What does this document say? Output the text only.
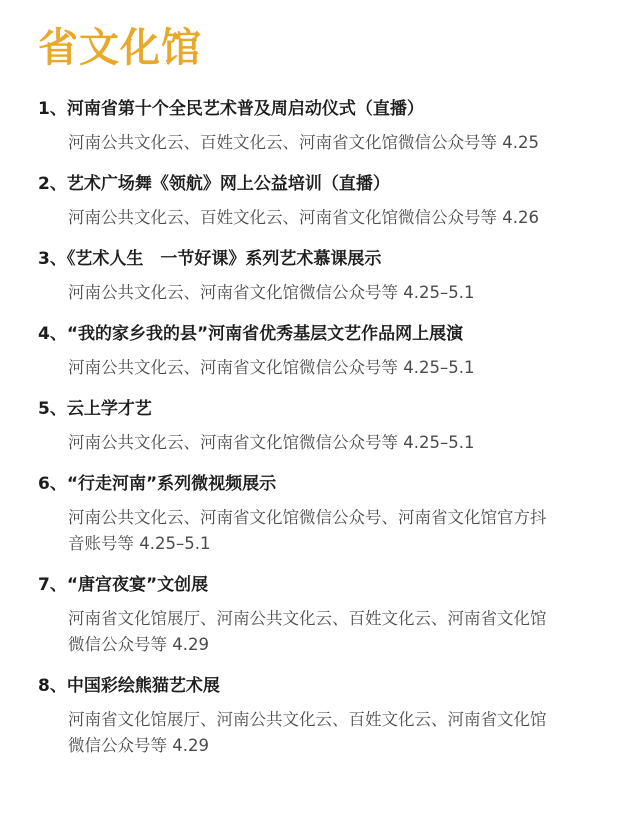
省文化馆
1、河南省第十个全民艺术普及周启动仪式（直播）
河南公共文化云、百姓文化云、河南省文化馆微信公众号等 4.25
2、艺术广场舞《领航》网上公益培训（直播）
河南公共文化云、百姓文化云、河南省文化馆微信公众号等 4.26
3、《艺术人生　一节好课》系列艺术慕课展示
河南公共文化云、河南省文化馆微信公众号等 4.25–5.1
4、“我的家乡我的县”河南省优秀基层文艺作品网上展演
河南公共文化云、河南省文化馆微信公众号等 4.25–5.1
5、云上学才艺
河南公共文化云、河南省文化馆微信公众号等 4.25–5.1
6、“行走河南”系列微视频展示
河南公共文化云、河南省文化馆微信公众号、河南省文化馆官方抖
音账号等 4.25–5.1
7、“唐宫夜宴”文创展
河南省文化馆展厅、河南公共文化云、百姓文化云、河南省文化馆
微信公众号等 4.29
8、中国彩绘熊猫艺术展
河南省文化馆展厅、河南公共文化云、百姓文化云、河南省文化馆
微信公众号等 4.29
